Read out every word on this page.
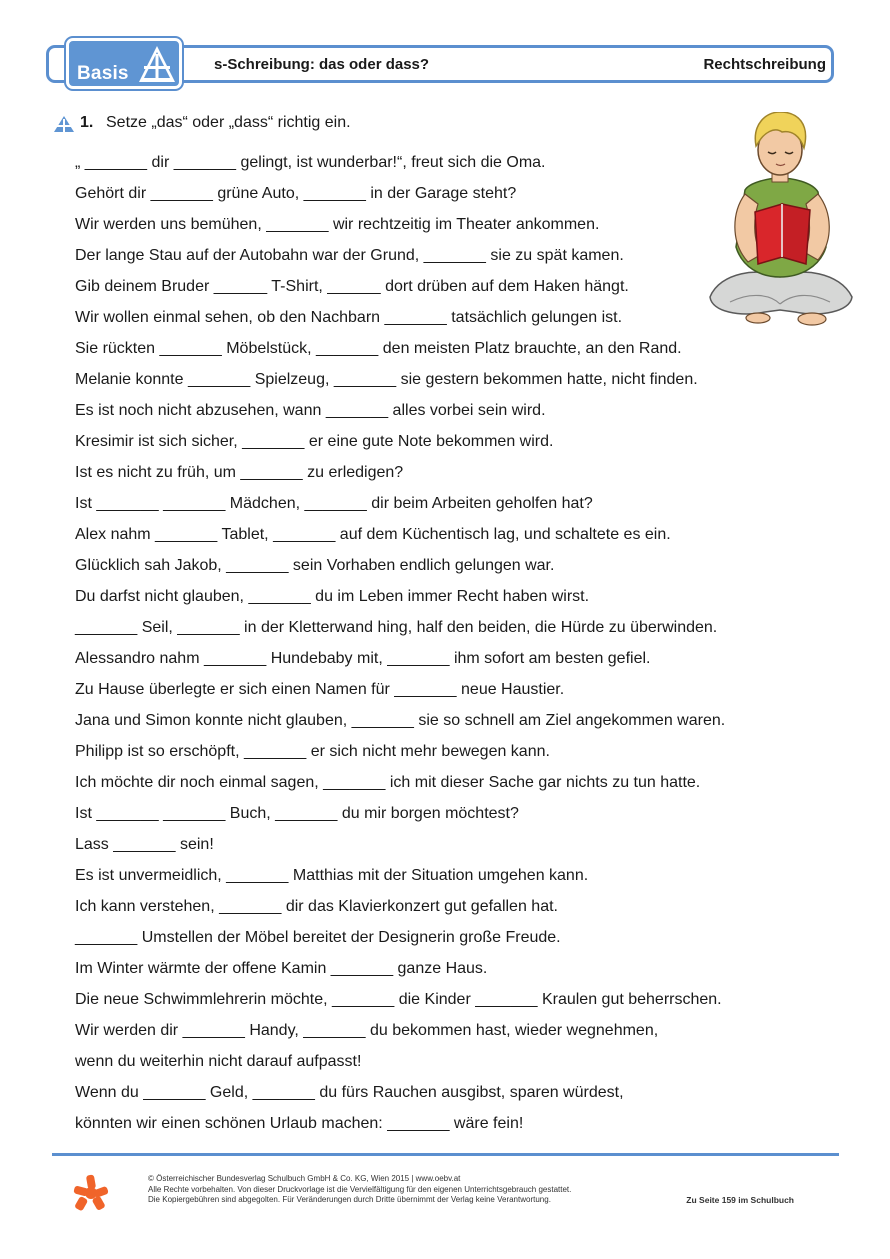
Basis	s-Schreibung: das oder dass?	Rechtschreibung
1. Setze „das“ oder „dass“ richtig ein.
„ _______ dir _______ gelingt, ist wunderbar!“, freut sich die Oma.
Gehört dir _______ grüne Auto, _______ in der Garage steht?
Wir werden uns bemühen, _______ wir rechtzeitig im Theater ankommen.
Der lange Stau auf der Autobahn war der Grund, _______ sie zu spät kamen.
Gib deinem Bruder ______ T-Shirt, ______ dort drüben auf dem Haken hängt.
Wir wollen einmal sehen, ob den Nachbarn _______ tatsächlich gelungen ist.
Sie rückten _______ Möbelstück, _______ den meisten Platz brauchte, an den Rand.
Melanie konnte _______ Spielzeug, _______ sie gestern bekommen hatte, nicht finden.
Es ist noch nicht abzusehen, wann _______ alles vorbei sein wird.
Kresimir ist sich sicher, _______ er eine gute Note bekommen wird.
Ist es nicht zu früh, um _______ zu erledigen?
Ist _______ _______ Mädchen, _______ dir beim Arbeiten geholfen hat?
Alex nahm _______ Tablet, _______ auf dem Küchentisch lag, und schaltete es ein.
Glücklich sah Jakob, _______ sein Vorhaben endlich gelungen war.
Du darfst nicht glauben, _______ du im Leben immer Recht haben wirst.
_______ Seil, _______ in der Kletterwand hing, half den beiden, die Hürde zu überwinden.
Alessandro nahm _______ Hundebaby mit, _______ ihm sofort am besten gefiel.
Zu Hause überlegte er sich einen Namen für _______ neue Haustier.
Jana und Simon konnte nicht glauben, _______ sie so schnell am Ziel angekommen waren.
Philipp ist so erschöpft, _______ er sich nicht mehr bewegen kann.
Ich möchte dir noch einmal sagen, _______ ich mit dieser Sache gar nichts zu tun hatte.
Ist _______ _______ Buch, _______ du mir borgen möchtest?
Lass _______ sein!
Es ist unvermeidlich, _______ Matthias mit der Situation umgehen kann.
Ich kann verstehen, _______ dir das Klavierkonzert gut gefallen hat.
_______ Umstellen der Möbel bereitet der Designerin große Freude.
Im Winter wärmte der offene Kamin _______ ganze Haus.
Die neue Schwimmlehrerin möchte, _______ die Kinder _______ Kraulen gut beherrschen.
Wir werden dir _______ Handy, _______ du bekommen hast, wieder wegnehmen,
wenn du weiterhin nicht darauf aufpasst!
Wenn du _______ Geld, _______ du fürs Rauchen ausgibst, sparen würdest,
könnten wir einen schönen Urlaub machen: _______ wäre fein!
© Österreichischer Bundesverlag Schulbuch GmbH & Co. KG, Wien 2015 | www.oebv.at
Alle Rechte vorbehalten. Von dieser Druckvorlage ist die Vervielfältigung für den eigenen Unterrichtsgebrauch gestattet.
Die Kopiergebühren sind abgegolten. Für Veränderungen durch Dritte übernimmt der Verlag keine Verantwortung.	Zu Seite 159 im Schulbuch
